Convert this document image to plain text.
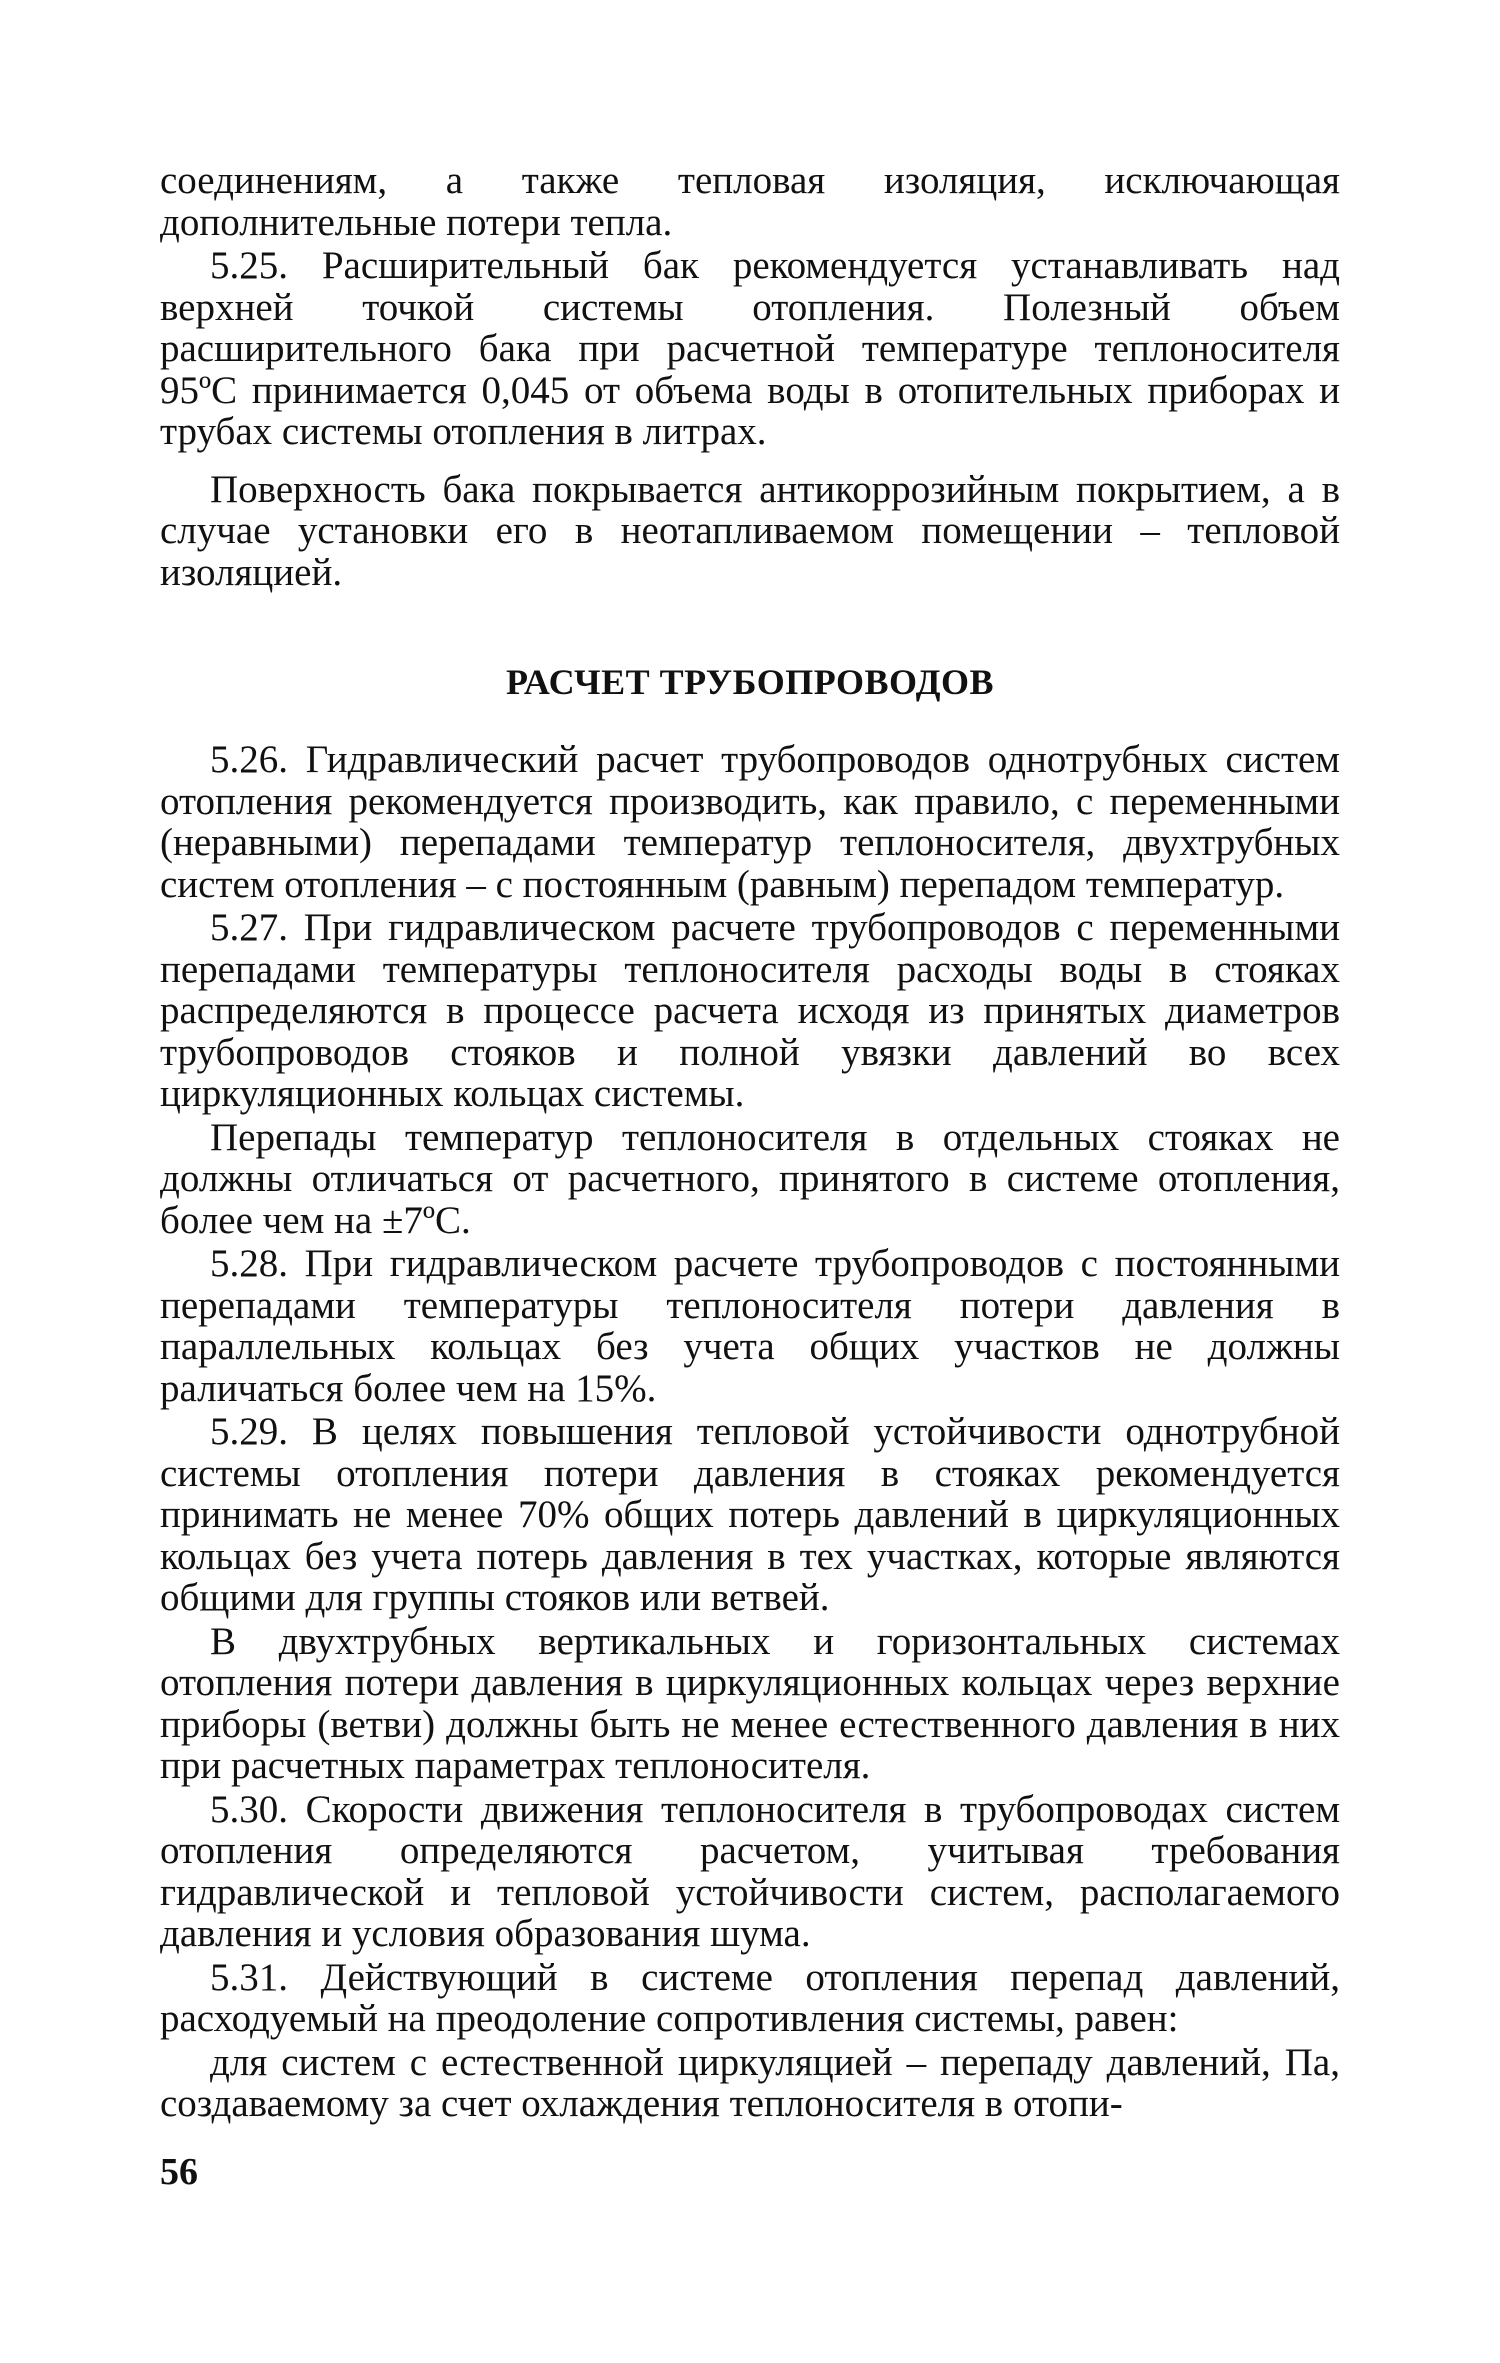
соединениям, а также тепловая изоляция, исключающая дополнительные потери тепла.

5.25. Расширительный бак рекомендуется устанавливать над верхней точкой системы отопления. Полезный объем расширительного бака при расчетной температуре теплоносителя 95ºС принимается 0,045 от объема воды в отопительных приборах и трубах системы отопления в литрах.

Поверхность бака покрывается антикоррозийным покрытием, а в случае установки его в неотапливаемом помещении – тепловой изоляцией.

РАСЧЕТ ТРУБОПРОВОДОВ

5.26. Гидравлический расчет трубопроводов однотрубных систем отопления рекомендуется производить, как правило, с переменными (неравными) перепадами температур теплоносителя, двухтрубных систем отопления – с постоянным (равным) перепадом температур.

5.27. При гидравлическом расчете трубопроводов с переменными перепадами температуры теплоносителя расходы воды в стояках распределяются в процессе расчета исходя из принятых диаметров трубопроводов стояков и полной увязки давлений во всех циркуляционных кольцах системы.

Перепады температур теплоносителя в отдельных стояках не должны отличаться от расчетного, принятого в системе отопления, более чем на ±7ºС.

5.28. При гидравлическом расчете трубопроводов с постоянными перепадами температуры теплоносителя потери давления в параллельных кольцах без учета общих участков не должны раличаться более чем на 15%.

5.29. В целях повышения тепловой устойчивости однотрубной системы отопления потери давления в стояках рекомендуется принимать не менее 70% общих потерь давлений в циркуляционных кольцах без учета потерь давления в тех участках, которые являются общими для группы стояков или ветвей.

В двухтрубных вертикальных и горизонтальных системах отопления потери давления в циркуляционных кольцах через верхние приборы (ветви) должны быть не менее естественного давления в них при расчетных параметрах теплоносителя.

5.30. Скорости движения теплоносителя в трубопроводах систем отопления определяются расчетом, учитывая требования гидравлической и тепловой устойчивости систем, располагаемого давления и условия образования шума.

5.31. Действующий в системе отопления перепад давлений, расходуемый на преодоление сопротивления системы, равен:

для систем с естественной циркуляцией – перепаду давлений, Па, создаваемому за счет охлаждения теплоносителя в отопи-

56
